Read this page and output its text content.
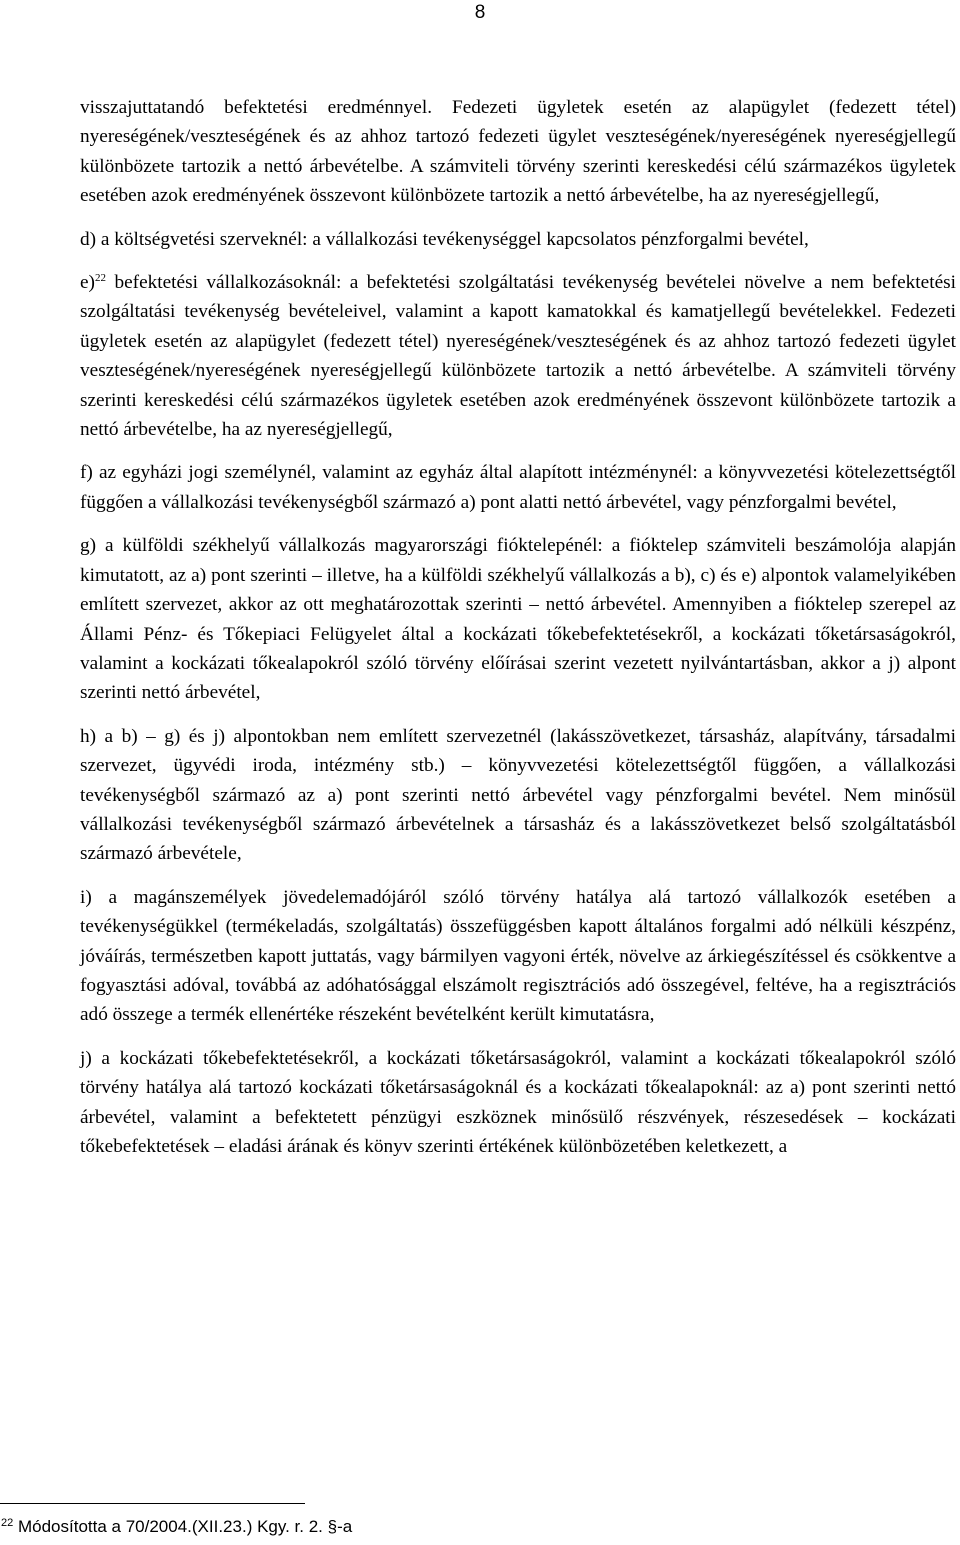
8

visszajuttatandó befektetési eredménnyel. Fedezeti ügyletek esetén az alapügylet (fedezett tétel) nyereségének/veszteségének és az ahhoz tartozó fedezeti ügylet veszteségének/nyereségének nyereségjellegű különbözete tartozik a nettó árbevételbe. A számviteli törvény szerinti kereskedési célú származékos ügyletek esetében azok eredményének összevont különbözete tartozik a nettó árbevételbe, ha az nyereségjellegű,

d) a költségvetési szerveknél: a vállalkozási tevékenységgel kapcsolatos pénzforgalmi bevétel,

e)$^{22}$ befektetési vállalkozásoknál: a befektetési szolgáltatási tevékenység bevételei növelve a nem befektetési szolgáltatási tevékenység bevételeivel, valamint a kapott kamatokkal és kamatjellegű bevételekkel. Fedezeti ügyletek esetén az alapügylet (fedezett tétel) nyereségének/veszteségének és az ahhoz tartozó fedezeti ügylet veszteségének/nyereségének nyereségjellegű különbözete tartozik a nettó árbevételbe. A számviteli törvény szerinti kereskedési célú származékos ügyletek esetében azok eredményének összevont különbözete tartozik a nettó árbevételbe, ha az nyereségjellegű,

f) az egyházi jogi személynél, valamint az egyház által alapított intézménynél: a könyvvezetési kötelezettségtől függően a vállalkozási tevékenységből származó a) pont alatti nettó árbevétel, vagy pénzforgalmi bevétel,

g) a külföldi székhelyű vállalkozás magyarországi fióktelepénél: a fióktelep számviteli beszámolója alapján kimutatott, az a) pont szerinti – illetve, ha a külföldi székhelyű vállalkozás a b), c) és e) alpontok valamelyikében említett szervezet, akkor az ott meghatározottak szerinti – nettó árbevétel. Amennyiben a fióktelep szerepel az Állami Pénz- és Tőkepiaci Felügyelet által a kockázati tőkebefektetésekről, a kockázati tőketársaságokról, valamint a kockázati tőkealapokról szóló törvény előírásai szerint vezetett nyilvántartásban, akkor a j) alpont szerinti nettó árbevétel,

h) a b) – g) és j) alpontokban nem említett szervezetnél (lakásszövetkezet, társasház, alapítvány, társadalmi szervezet, ügyvédi iroda, intézmény stb.) – könyvvezetési kötelezettségtől függően, a vállalkozási tevékenységből származó az a) pont szerinti nettó árbevétel vagy pénzforgalmi bevétel. Nem minősül vállalkozási tevékenységből származó árbevételnek a társasház és a lakásszövetkezet belső szolgáltatásból származó árbevétele,

i) a magánszemélyek jövedelemadójáról szóló törvény hatálya alá tartozó vállalkozók esetében a tevékenységükkel (termékeladás, szolgáltatás) összefüggésben kapott általános forgalmi adó nélküli készpénz, jóváírás, természetben kapott juttatás, vagy bármilyen vagyoni érték, növelve az árkiegészítéssel és csökkentve a fogyasztási adóval, továbbá az adóhatósággal elszámolt regisztrációs adó összegével, feltéve, ha a regisztrációs adó összege a termék ellenértéke részeként bevételként került kimutatásra,

j) a kockázati tőkebefektetésekről, a kockázati tőketársaságokról, valamint a kockázati tőkealapokról szóló törvény hatálya alá tartozó kockázati tőketársaságoknál és a kockázati tőkealapoknál: az a) pont szerinti nettó árbevétel, valamint a befektetett pénzügyi eszköznek minősülő részvények, részesedések – kockázati tőkebefektetések – eladási árának és könyv szerinti értékének különbözetében keletkezett, a

$^{22}$ Módosította a 70/2004.(XII.23.) Kgy. r. 2. §-a
